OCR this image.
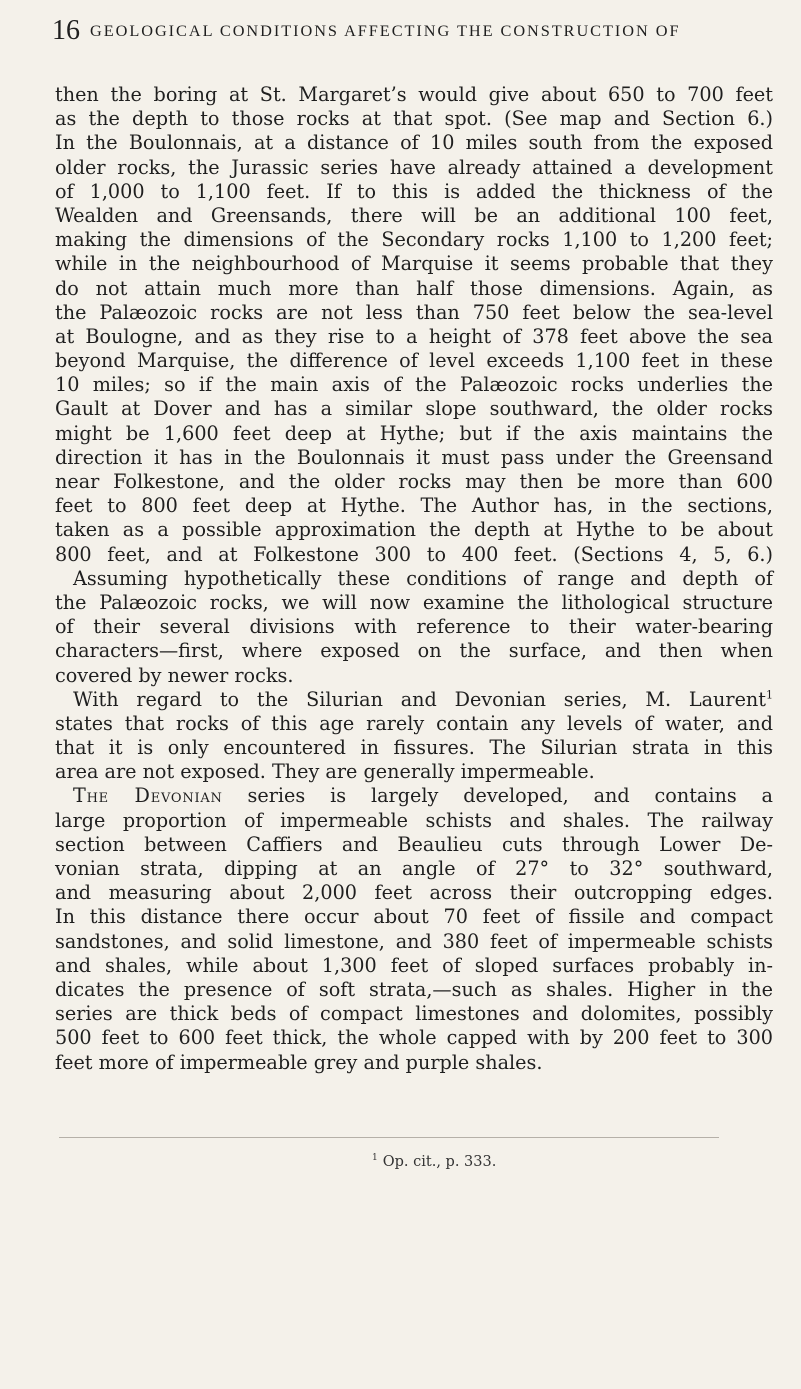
16 GEOLOGICAL CONDITIONS AFFECTING THE CONSTRUCTION OF
then the boring at St. Margaret’s would give about 650 to 700 feet
as the depth to those rocks at that spot. (See map and Section 6.)
In the Boulonnais, at a distance of 10 miles south from the exposed
older rocks, the Jurassic series have already attained a development
of 1,000 to 1,100 feet. If to this is added the thickness of the
Wealden and Greensands, there will be an additional 100 feet,
making the dimensions of the Secondary rocks 1,100 to 1,200 feet;
while in the neighbourhood of Marquise it seems probable that they
do not attain much more than half those dimensions. Again, as
the Palæozoic rocks are not less than 750 feet below the sea-level
at Boulogne, and as they rise to a height of 378 feet above the sea
beyond Marquise, the difference of level exceeds 1,100 feet in these
10 miles; so if the main axis of the Palæozoic rocks underlies the
Gault at Dover and has a similar slope southward, the older rocks
might be 1,600 feet deep at Hythe; but if the axis maintains the
direction it has in the Boulonnais it must pass under the Greensand
near Folkestone, and the older rocks may then be more than 600
feet to 800 feet deep at Hythe. The Author has, in the sections,
taken as a possible approximation the depth at Hythe to be about
800 feet, and at Folkestone 300 to 400 feet. (Sections 4, 5, 6.)
Assuming hypothetically these conditions of range and depth of
the Palæozoic rocks, we will now examine the lithological structure
of their several divisions with reference to their water-bearing
characters—first, where exposed on the surface, and then when
covered by newer rocks.
With regard to the Silurian and Devonian series, M. Laurent$^1$
states that rocks of this age rarely contain any levels of water, and
that it is only encountered in fissures. The Silurian strata in this
area are not exposed. They are generally impermeable.
The Devonian series is largely developed, and contains a
large proportion of impermeable schists and shales. The railway
section between Caffiers and Beaulieu cuts through Lower De-
vonian strata, dipping at an angle of 27° to 32° southward,
and measuring about 2,000 feet across their outcropping edges.
In this distance there occur about 70 feet of fissile and compact
sandstones, and solid limestone, and 380 feet of impermeable schists
and shales, while about 1,300 feet of sloped surfaces probably in-
dicates the presence of soft strata,—such as shales. Higher in the
series are thick beds of compact limestones and dolomites, possibly
500 feet to 600 feet thick, the whole capped with by 200 feet to 300
feet more of impermeable grey and purple shales.
$^1$ Op. cit., p. 333.
